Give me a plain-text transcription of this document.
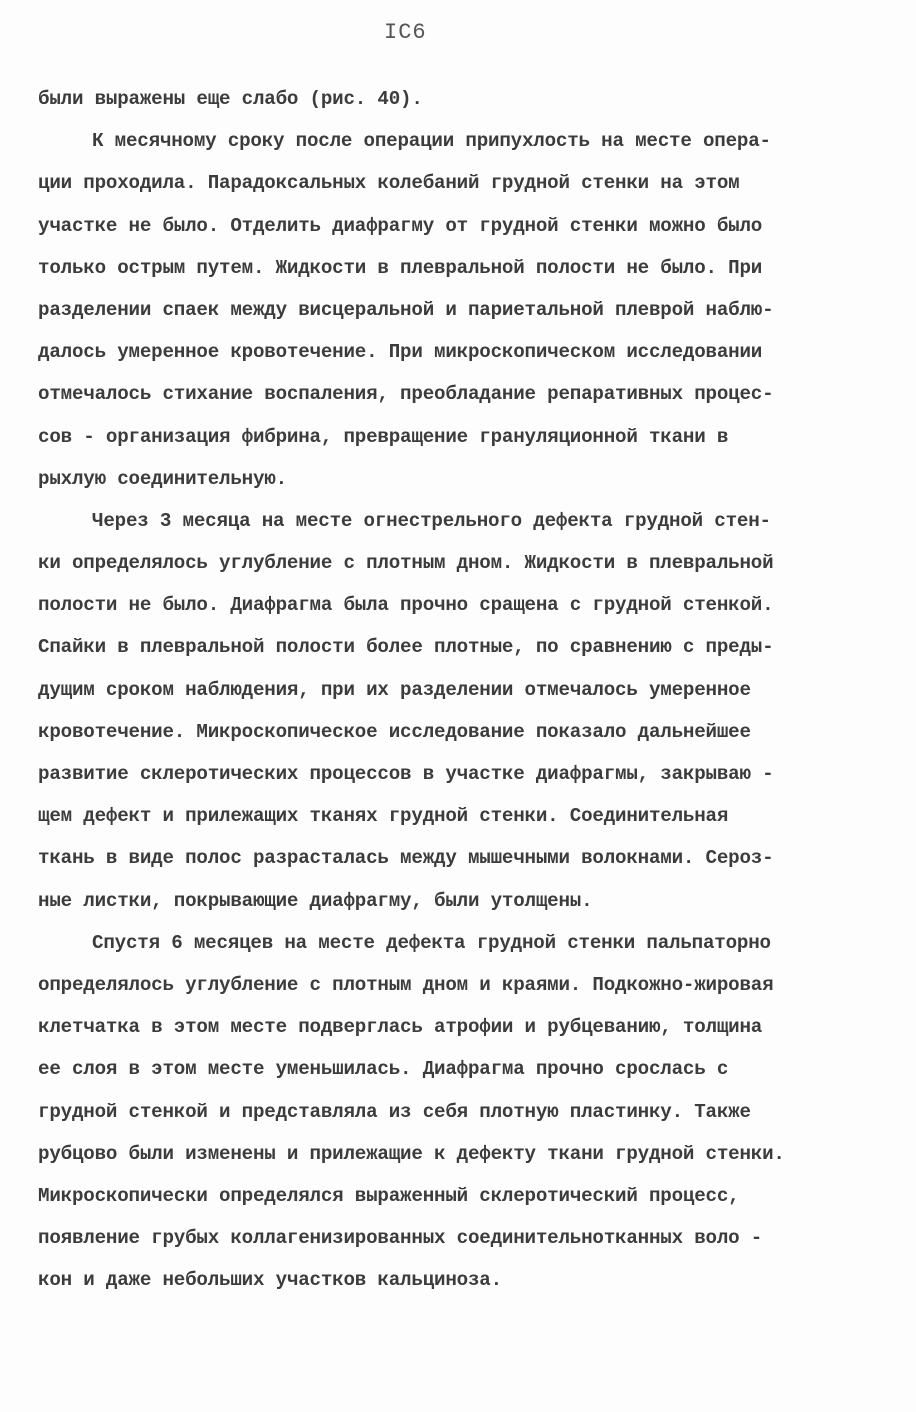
IC6
были выражены еще слабо (рис. 40).
К месячному сроку после операции припухлость на месте опера-
ции проходила. Парадоксальных колебаний грудной стенки на этом
участке не было. Отделить диафрагму от грудной стенки можно было
только острым путем. Жидкости в плевральной полости не было. При
разделении спаек между висцеральной и париетальной плеврой наблю-
далось умеренное кровотечение. При микроскопическом исследовании
отмечалось стихание воспаления, преобладание репаративных процес-
сов - организация фибрина, превращение грануляционной ткани в
рыхлую соединительную.
Через 3 месяца на месте огнестрельного дефекта грудной стен-
ки определялось углубление с плотным дном. Жидкости в плевральной
полости не было. Диафрагма была прочно сращена с грудной стенкой.
Спайки в плевральной полости более плотные, по сравнению с преды-
дущим сроком наблюдения, при их разделении отмечалось умеренное
кровотечение. Микроскопическое исследование показало дальнейшее
развитие склеротических процессов в участке диафрагмы, закрываю -
щем дефект и прилежащих тканях грудной стенки. Соединительная
ткань в виде полос разрасталась между мышечными волокнами. Сероз-
ные листки, покрывающие диафрагму, были утолщены.
Спустя 6 месяцев на месте дефекта грудной стенки пальпаторно
определялось углубление с плотным дном и краями. Подкожно-жировая
клетчатка в этом месте подверглась атрофии и рубцеванию, толщина
ее слоя в этом месте уменьшилась. Диафрагма прочно срослась с
грудной стенкой и представляла из себя плотную пластинку. Также
рубцово были изменены и прилежащие к дефекту ткани грудной стенки.
Микроскопически определялся выраженный склеротический процесс,
появление грубых коллагенизированных соединительнотканных воло -
кон и даже небольших участков кальциноза.
